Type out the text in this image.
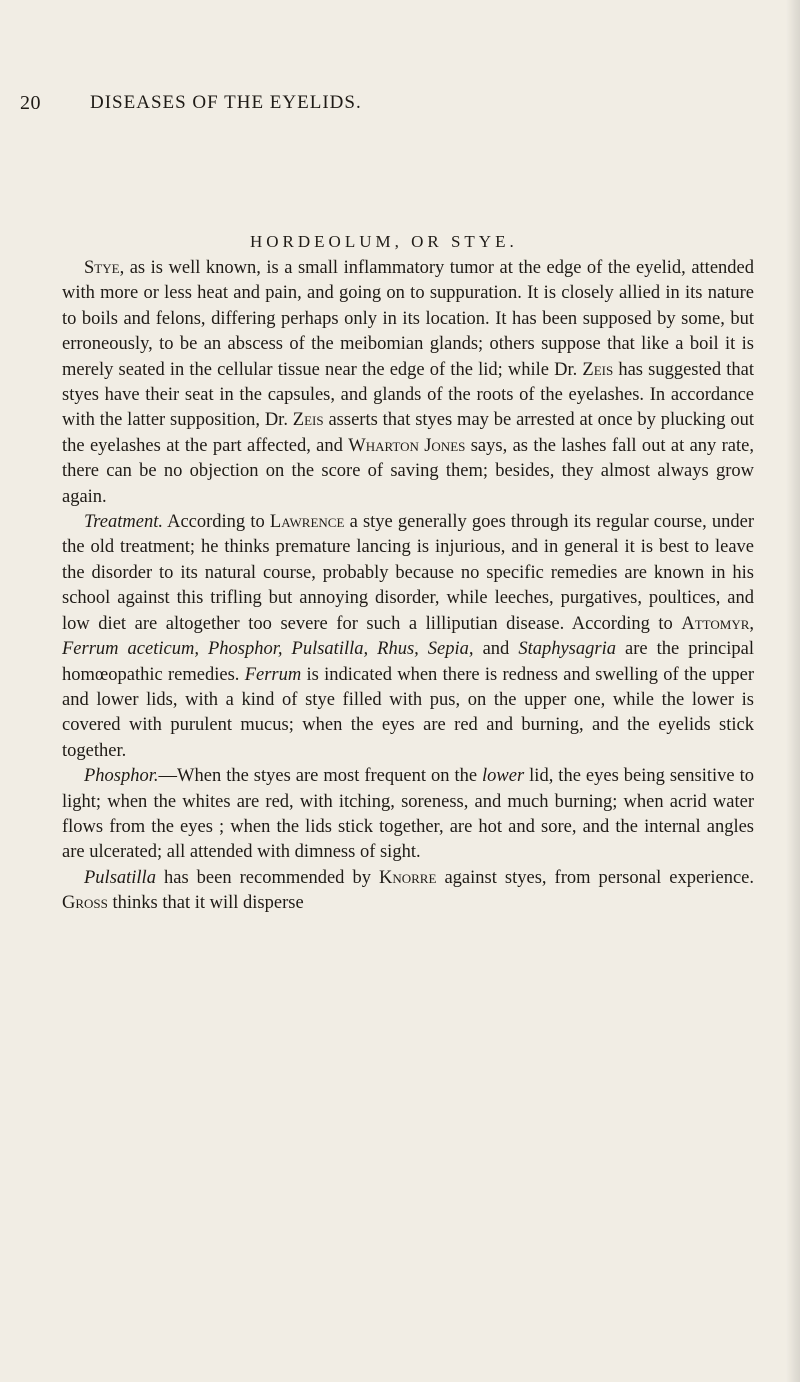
20	DISEASES OF THE EYELIDS.
HORDEOLUM, OR STYE.

Stye, as is well known, is a small inflammatory tumor at the edge of the eyelid, attended with more or less heat and pain, and going on to suppuration. It is closely allied in its nature to boils and felons, differing perhaps only in its location. It has been supposed by some, but erroneously, to be an abscess of the meibomian glands; others suppose that like a boil it is merely seated in the cellular tissue near the edge of the lid; while Dr. Zeis has suggested that styes have their seat in the capsules, and glands of the roots of the eyelashes. In accordance with the latter supposition, Dr. Zeis asserts that styes may be arrested at once by plucking out the eyelashes at the part affected, and Wharton Jones says, as the lashes fall out at any rate, there can be no objection on the score of saving them; besides, they almost always grow again.

Treatment. According to Lawrence a stye generally goes through its regular course, under the old treatment; he thinks premature lancing is injurious, and in general it is best to leave the disorder to its natural course, probably because no specific remedies are known in his school against this trifling but annoying disorder, while leeches, purgatives, poultices, and low diet are altogether too severe for such a lilliputian disease. According to Attomyr, Ferrum aceticum, Phosphor, Pulsatilla, Rhus, Sepia, and Staphysagria are the principal homœopathic remedies. Ferrum is indicated when there is redness and swelling of the upper and lower lids, with a kind of stye filled with pus, on the upper one, while the lower is covered with purulent mucus; when the eyes are red and burning, and the eyelids stick together.

Phosphor.—When the styes are most frequent on the lower lid, the eyes being sensitive to light; when the whites are red, with itching, soreness, and much burning; when acrid water flows from the eyes ; when the lids stick together, are hot and sore, and the internal angles are ulcerated; all attended with dimness of sight.

Pulsatilla has been recommended by Knorre against styes, from personal experience. Gross thinks that it will disperse
